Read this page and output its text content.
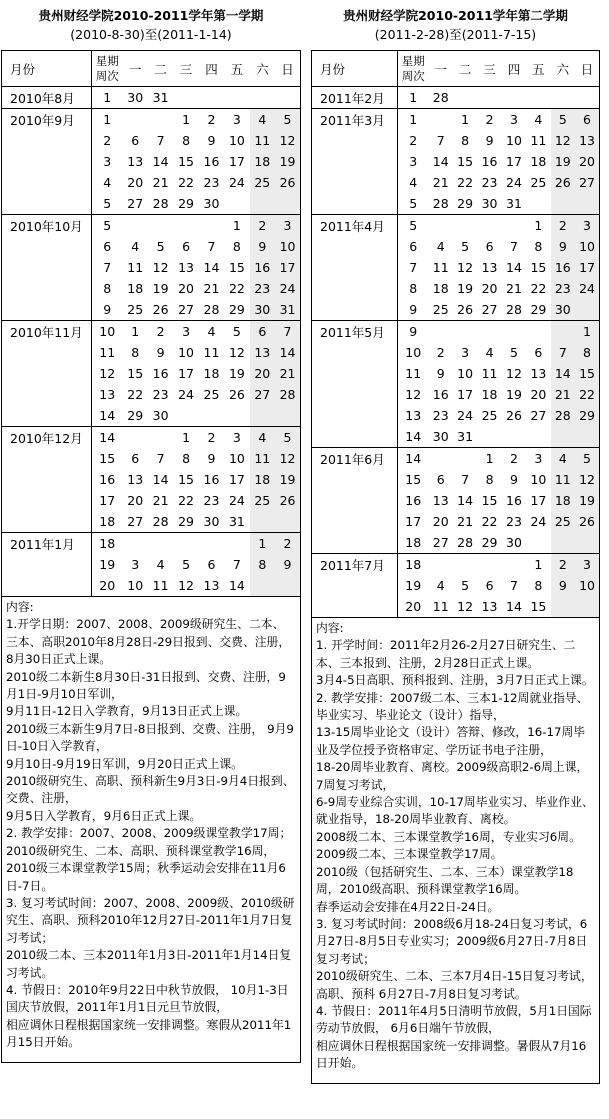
贵州财经学院2010-2011学年第一学期
(2010-8-30)至(2011-1-14)
月份	星期
周次	一	二	三	四	五	六	日
2010年8月	1	30	31					
2010年9月	1			1	2	3	4	5
	2	6	7	8	9	10	11	12
	3	13	14	15	16	17	18	19
	4	20	21	22	23	24	25	26
	5	27	28	29	30			
2010年10月	5					1	2	3
	6	4	5	6	7	8	9	10
	7	11	12	13	14	15	16	17
	8	18	19	20	21	22	23	24
	9	25	26	27	28	29	30	31
2010年11月	10	1	2	3	4	5	6	7
	11	8	9	10	11	12	13	14
	12	15	16	17	18	19	20	21
	13	22	23	24	25	26	27	28
	14	29	30					
2010年12月	14			1	2	3	4	5
	15	6	7	8	9	10	11	12
	16	13	14	15	16	17	18	19
	17	20	21	22	23	24	25	26
	18	27	28	29	30	31		
2011年1月	18						1	2
	19	3	4	5	6	7	8	9
	20	10	11	12	13	14		
内容:
1.开学日期：2007、2008、2009级研究生、二本、三本、高职2010年8月28日-29日报到、交费、注册，
8月30日正式上课。
2010级二本新生8月30日-31日报到、交费、注册，9月1日-9月10日军训，
9月11日-12日入学教育，9月13日正式上课。
2010级三本新生9月7日-8日报到、交费、注册， 9月9日-10日入学教育，
9月10日-9月19日军训，9月20日正式上课。
2010级研究生、高职、预科新生9月3日-9月4日报到、交费、注册，
9月5日入学教育，9月6日正式上课。
2. 教学安排：2007、2008、2009级课堂教学17周；2010级研究生、二本、高职、预科课堂教学16周，
2010级三本课堂教学15周；秋季运动会安排在11月6日-7日。
3. 复习考试时间：2007、2008、2009级、2010级研究生、高职、预科2010年12月27日-2011年1月7日复习考试；
2010级二本、三本2011年1月3日-2011年1月14日复习考试。
4. 节假日：2010年9月22日中秋节放假， 10月1-3日国庆节放假，2011年1月1日元旦节放假，
相应调休日程根据国家统一安排调整。寒假从2011年1月15日开始。
贵州财经学院2010-2011学年第二学期
(2011-2-28)至(2011-7-15)
月份	星期
周次	一	二	三	四	五	六	日
2011年2月	1	28						
2011年3月	1		1	2	3	4	5	6
	2	7	8	9	10	11	12	13
	3	14	15	16	17	18	19	20
	4	21	22	23	24	25	26	27
	5	28	29	30	31			
2011年4月	5					1	2	3
	6	4	5	6	7	8	9	10
	7	11	12	13	14	15	16	17
	8	18	19	20	21	22	23	24
	9	25	26	27	28	29	30	
2011年5月	9							1
	10	2	3	4	5	6	7	8
	11	9	10	11	12	13	14	15
	12	16	17	18	19	20	21	22
	13	23	24	25	26	27	28	29
	14	30	31					
2011年6月	14			1	2	3	4	5
	15	6	7	8	9	10	11	12
	16	13	14	15	16	17	18	19
	17	20	21	22	23	24	25	26
	18	27	28	29	30			
2011年7月	18					1	2	3
	19	4	5	6	7	8	9	10
	20	11	12	13	14	15		
内容:
1. 开学时间：2011年2月26-2月27日研究生、二本、三本报到、注册，2月28日正式上课。
3月4-5日高职、预科报到、注册，3月7日正式上课。
2. 教学安排：2007级二本、三本1-12周就业指导、毕业实习、毕业论文（设计）指导，
13-15周毕业论文（设计）答辩、修改，16-17周毕业及学位授予资格审定、学历证书电子注册，
18-20周毕业教育、离校。2009级高职2-6周上课，7周复习考试，
6-9周专业综合实训，10-17周毕业实习、毕业作业、就业指导，18-20周毕业教育、离校。
2008级二本、三本课堂教学16周，专业实习6周。
2009级二本、三本课堂教学17周。
2010级（包括研究生、二本、三本）课堂教学18周，2010级高职、预科课堂教学16周。
春季运动会安排在4月22日-24日。
3. 复习考试时间：2008级6月18-24日复习考试，6月27日-8月5日专业实习；2009级6月27日-7月8日复习考试；
2010级研究生、二本、三本7月4日-15日复习考试，高职、预科 6月27日-7月8日复习考试。
4. 节假日：2011年4月5日清明节放假，5月1日国际劳动节放假， 6月6日端午节放假，
相应调休日程根据国家统一安排调整。暑假从7月16日开始。
